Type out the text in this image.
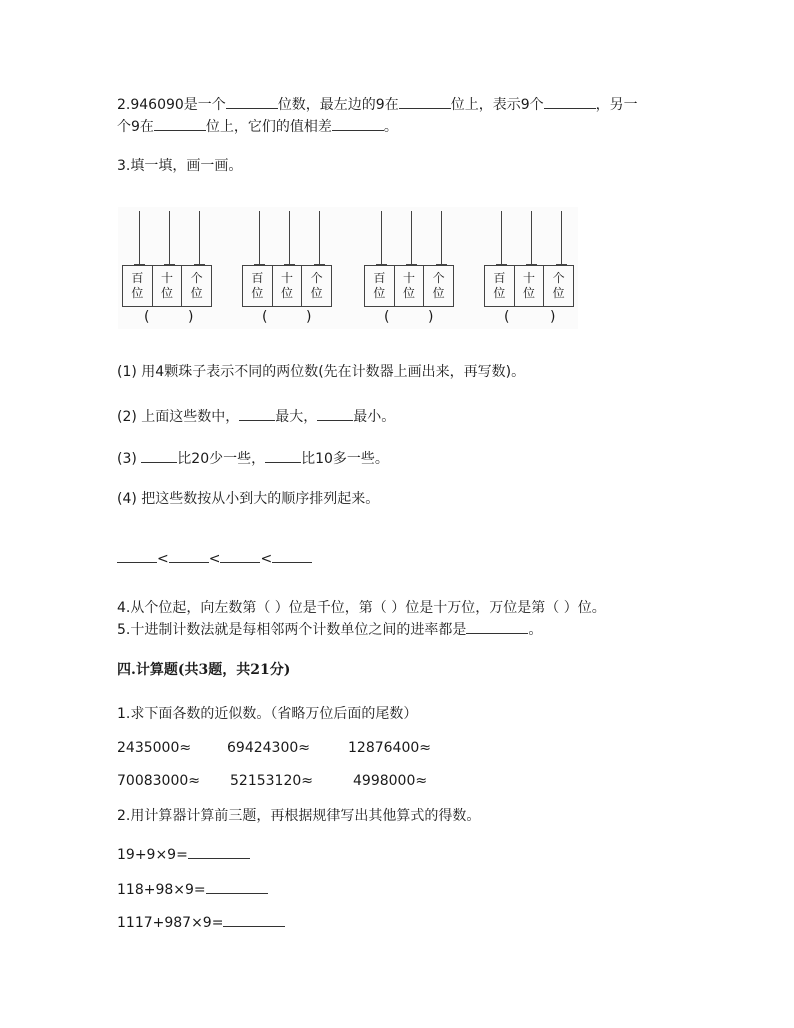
2.946090是一个	位数，最左边的9在	位上，表示9个	，另一
个9在	位上，它们的值相差	。
3.填一填，画一画。
百
位
十
位
个
位
(	)
百
位
十
位
个
位
(	)
百
位
十
位
个
位
(	)
百
位
十
位
个
位
(	)
(1) 用4颗珠子表示不同的两位数(先在计数器上画出来，再写数)。
(2) 上面这些数中，	最大，	最小。
(3)	比20少一些，	比10多一些。
(4) 把这些数按从小到大的顺序排列起来。
<	<	<
4.从个位起，向左数第（ ）位是千位，第（ ）位是十万位，万位是第（ ）位。
5.十进制计数法就是每相邻两个计数单位之间的进率都是	。
四.计算题(共3题，共21分)
1.求下面各数的近似数。（省略万位后面的尾数）
2435000≈	69424300≈	12876400≈
70083000≈ 52153120≈	4998000≈
2.用计算器计算前三题，再根据规律写出其他算式的得数。
19+9×9=
118+98×9=
1117+987×9=
